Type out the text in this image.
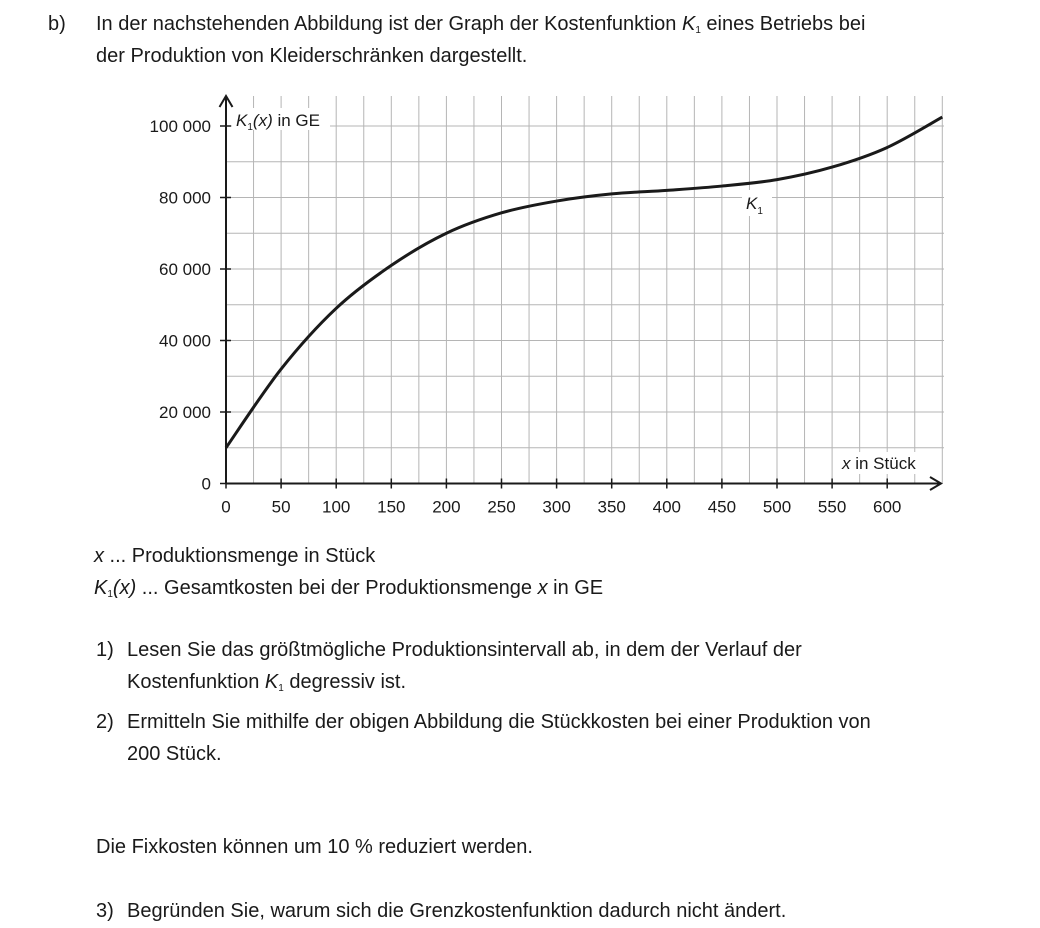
b) In der nachstehenden Abbildung ist der Graph der Kostenfunktion $K_1$ eines Betriebs bei
der Produktion von Kleiderschränken dargestellt.
0 50 100 150 200 250 300 350 400 450 500 550 600
0
20 000
40 000
60 000
80 000
100 000 $K_1(x)$ in GE
x in Stück
$K_1$
x ... Produktionsmenge in Stück
$K_1(x)$ ... Gesamtkosten bei der Produktionsmenge x in GE
1) Lesen Sie das größtmögliche Produktionsintervall ab, in dem der Verlauf der
Kostenfunktion $K_1$ degressiv ist.
2) Ermitteln Sie mithilfe der obigen Abbildung die Stückkosten bei einer Produktion von
200 Stück.
Die Fixkosten können um 10 % reduziert werden.
3) Begründen Sie, warum sich die Grenzkostenfunktion dadurch nicht ändert.
